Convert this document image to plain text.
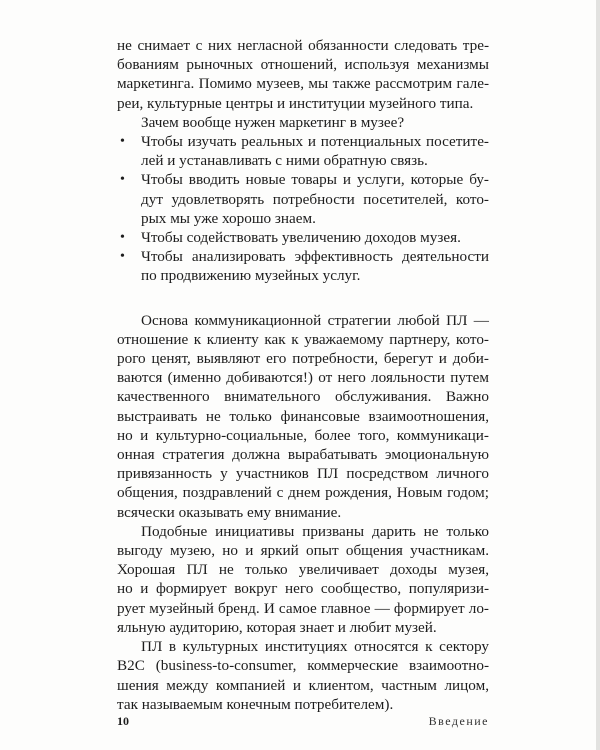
не снимает с них негласной обязанности следовать тре-
бованиям рыночных отношений, используя механизмы
маркетинга. Помимо музеев, мы также рассмотрим гале-
реи, культурные центры и институции музейного типа.
Зачем вообще нужен маркетинг в музее?
• Чтобы изучать реальных и потенциальных посетите-
лей и устанавливать с ними обратную связь.
• Чтобы вводить новые товары и услуги, которые бу-
дут удовлетворять потребности посетителей, кото-
рых мы уже хорошо знаем.
• Чтобы содействовать увеличению доходов музея.
• Чтобы анализировать эффективность деятельности
по продвижению музейных услуг.
Основа коммуникационной стратегии любой ПЛ —
отношение к клиенту как к уважаемому партнеру, кото-
рого ценят, выявляют его потребности, берегут и доби-
ваются (именно добиваются!) от него лояльности путем
качественного внимательного обслуживания. Важно
выстраивать не только финансовые взаимоотношения,
но и культурно-социальные, более того, коммуникаци-
онная стратегия должна вырабатывать эмоциональную
привязанность у участников ПЛ посредством личного
общения, поздравлений с днем рождения, Новым годом;
всячески оказывать ему внимание.
Подобные инициативы призваны дарить не только
выгоду музею, но и яркий опыт общения участникам.
Хорошая ПЛ не только увеличивает доходы музея,
но и формирует вокруг него сообщество, популяризи-
рует музейный бренд. И самое главное — формирует ло-
яльную аудиторию, которая знает и любит музей.
ПЛ в культурных институциях относятся к сектору
B2C (business-to-consumer, коммерческие взаимоотно-
шения между компанией и клиентом, частным лицом,
так называемым конечным потребителем).
10	Введение
